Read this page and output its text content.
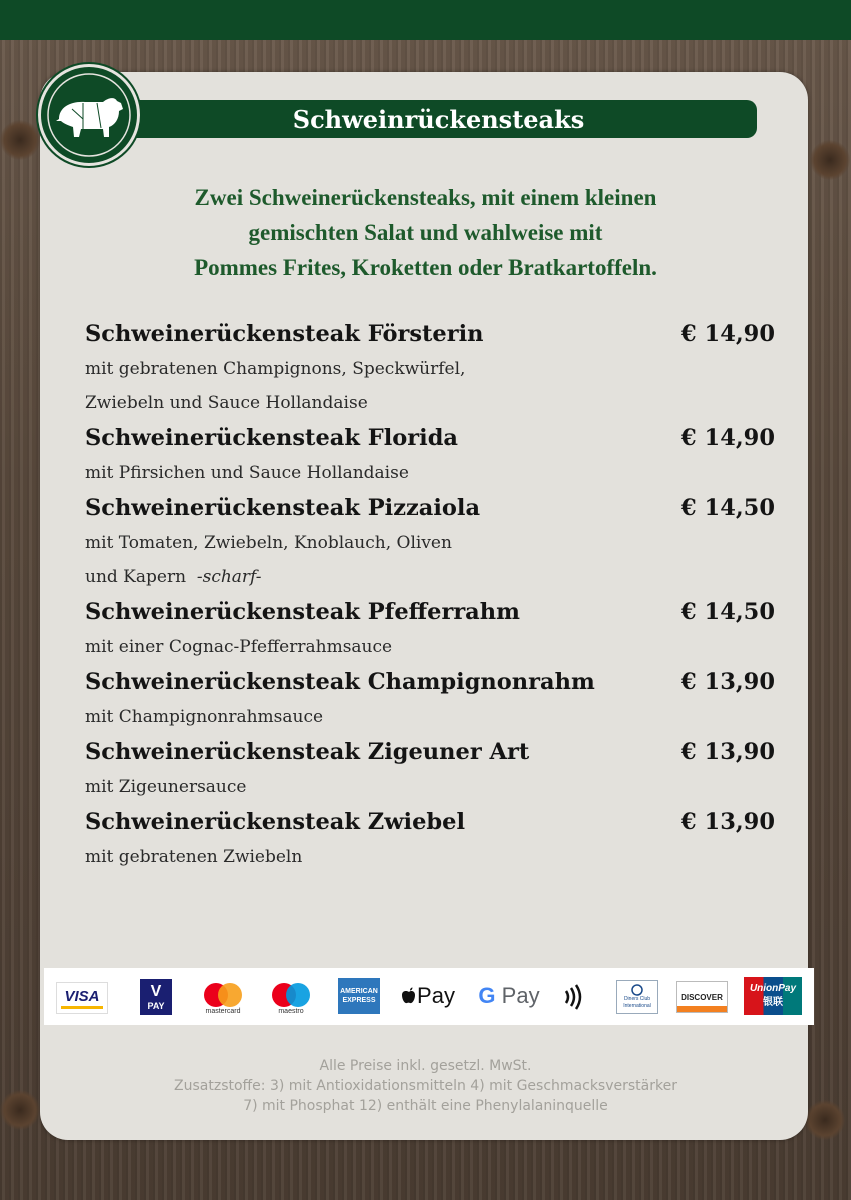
Schweinrückensteaks
Zwei Schweinerückensteaks, mit einem kleinen
gemischten Salat und wahlweise mit
Pommes Frites, Kroketten oder Bratkartoffeln.
Schweinerückensteak Försterin	€ 14,90
mit gebratenen Champignons, Speckwürfel,
Zwiebeln und Sauce Hollandaise
Schweinerückensteak Florida	€ 14,90
mit Pfirsichen und Sauce Hollandaise
Schweinerückensteak Pizzaiola	€ 14,50
mit Tomaten, Zwiebeln, Knoblauch, Oliven
und Kapern -scharf-
Schweinerückensteak Pfefferrahm	€ 14,50
mit einer Cognac-Pfefferrahmsauce
Schweinerückensteak Champignonrahm	€ 13,90
mit Champignonrahmsauce
Schweinerückensteak Zigeuner Art	€ 13,90
mit Zigeunersauce
Schweinerückensteak Zwiebel	€ 13,90
mit gebratenen Zwiebeln
VISA	V
PAY
mastercard	maestro
AMERICAN
EXPRESS Pay G
Pay	Diners Club
International
DISCOVER
UnionPay
银联
Alle Preise inkl. gesetzl. MwSt.
Zusatzstoffe: 3) mit Antioxidationsmitteln 4) mit Geschmacksverstärker
7) mit Phosphat 12) enthält eine Phenylalaninquelle
